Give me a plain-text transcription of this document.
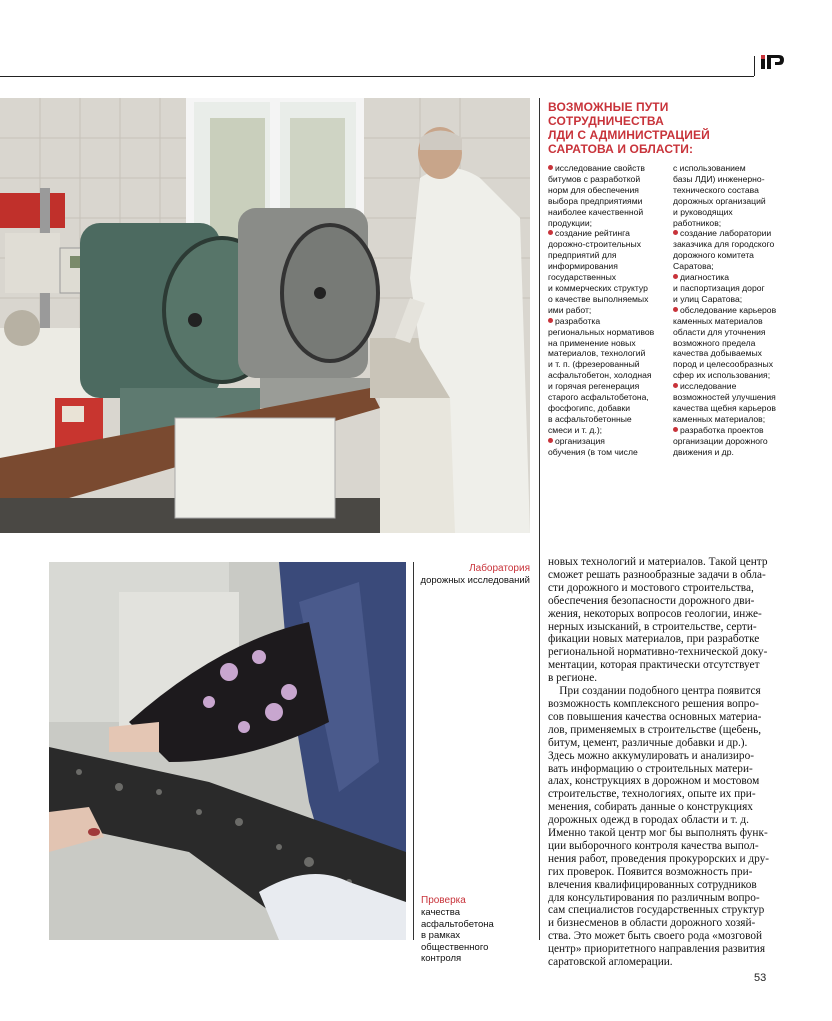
ВОЗМОЖНЫЕ ПУТИ СОТРУДНИЧЕСТВА
ЛДИ С АДМИНИСТРАЦИЕЙ
САРАТОВА И ОБЛАСТИ:
исследование свойств
битумов с разработкой
норм для обеспечения
выбора предприятиями
наиболее качественной
продукции;
создание рейтинга
дорожно-строительных
предприятий для
информирования
государственных
и коммерческих структур
о качестве выполняемых
ими работ;
разработка
региональных нормативов
на применение новых
материалов, технологий
и т. п. (фрезерованный
асфальтобетон, холодная
и горячая регенерация
старого асфальтобетона,
фосфогипс, добавки
в асфальтобетонные
смеси и т. д.);
организация
обучения (в том числе
с использованием
базы ЛДИ) инженерно-
технического состава
дорожных организаций
и руководящих
работников;
создание лаборатории
заказчика для городского
дорожного комитета
Саратова;
диагностика
и паспортизация дорог
и улиц Саратова;
обследование карьеров
каменных материалов
области для уточнения
возможного предела
качества добываемых
пород и целесообразных
сфер их использования;
исследование
возможностей улучшения
качества щебня карьеров
каменных материалов;
разработка проектов
организации дорожного
движения и др.
Лаборатория
дорожных исследований
Проверка
качества асфальтобетона
в рамках общественного
контроля
новых технологий и материалов. Такой центр
сможет решать разнообразные задачи в обла-
сти дорожного и мостового строительства,
обеспечения безопасности дорожного дви-
жения, некоторых вопросов геологии, инже-
нерных изысканий, в строительстве, серти-
фикации новых материалов, при разработке
региональной нормативно-технической доку-
ментации, которая практически отсутствует
в регионе.
При создании подобного центра появится
возможность комплексного решения вопро-
сов повышения качества основных материа-
лов, применяемых в строительстве (щебень,
битум, цемент, различные добавки и др.).
Здесь можно аккумулировать и анализиро-
вать информацию о строительных матери-
алах, конструкциях в дорожном и мостовом
строительстве, технологиях, опыте их при-
менения, собирать данные о конструкциях
дорожных одежд в городах области и т. д.
Именно такой центр мог бы выполнять функ-
ции выборочного контроля качества выпол-
нения работ, проведения прокурорских и дру-
гих проверок. Появится возможность при-
влечения квалифицированных сотрудников
для консультирования по различным вопро-
сам специалистов государственных структур
и бизнесменов в области дорожного хозяй-
ства. Это может быть своего рода «мозговой
центр» приоритетного направления развития
саратовской агломерации.
53
